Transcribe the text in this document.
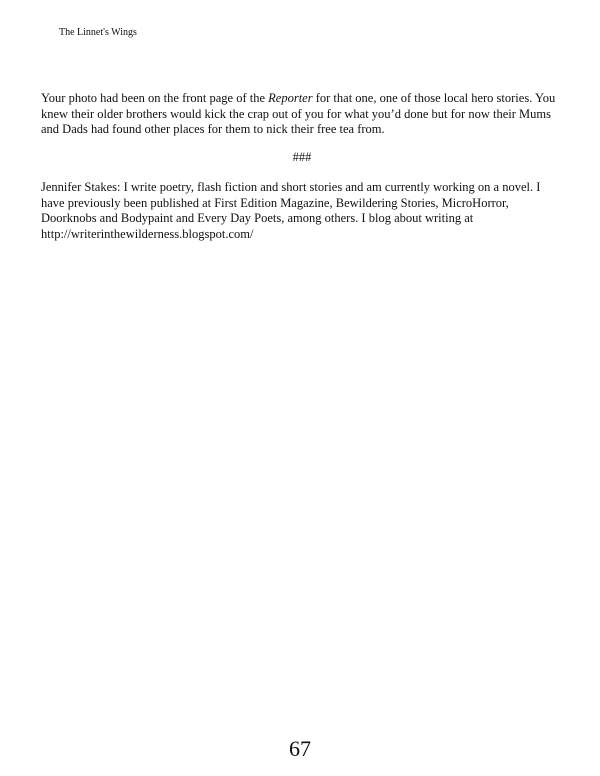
The Linnet's Wings

Your photo had been on the front page of the Reporter for that one, one of those local hero stories. You knew their older brothers would kick the crap out of you for what you’d done but for now their Mums and Dads had found other places for them to nick their free tea from.

###

Jennifer Stakes: I write poetry, flash fiction and short stories and am currently working on a novel. I have previously been published at First Edition Magazine, Bewildering Stories, MicroHorror, Doorknobs and Bodypaint and Every Day Poets, among others. I blog about writing at http://writerinthewilderness.blogspot.com/

67
